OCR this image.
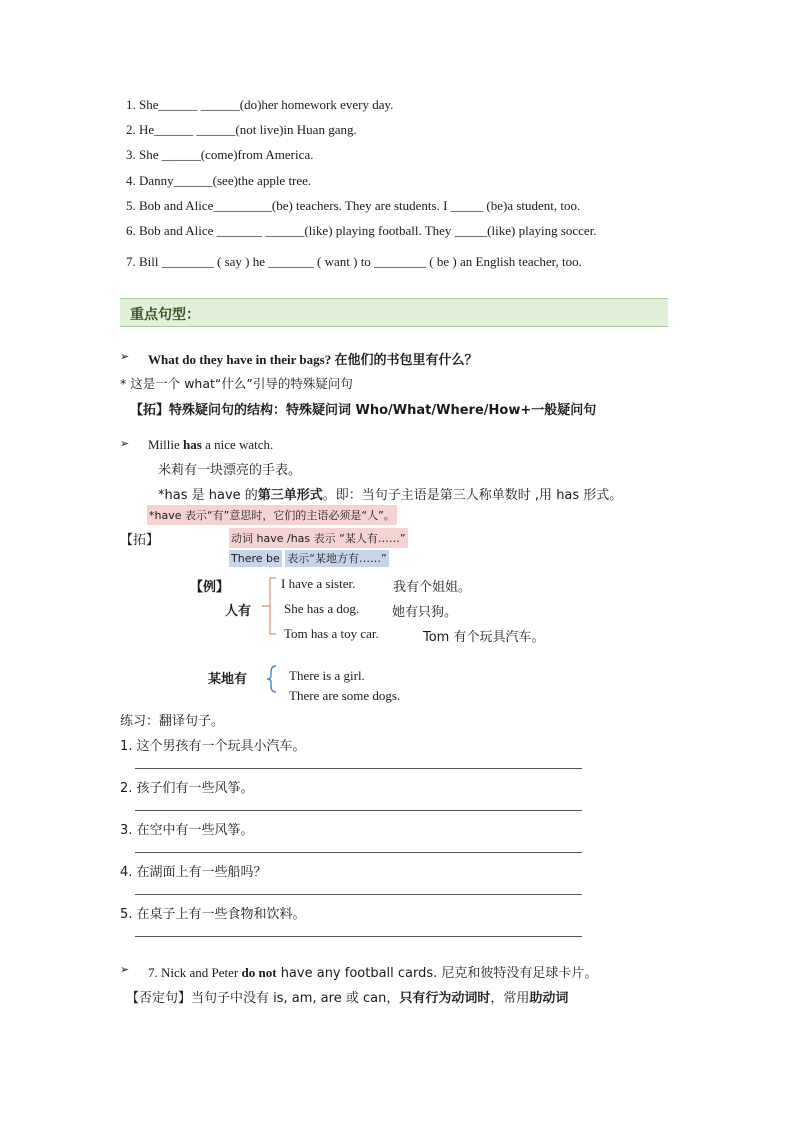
1. She______ ______(do)her homework every day.
2. He______ ______(not live)in Huan gang.
3. She ______(come)from America.
4. Danny______(see)the apple tree.
5. Bob and Alice_________(be) teachers. They are students. I _____ (be)a student, too.
6. Bob and Alice _______ ______(like) playing football. They _____(like) playing soccer.
7. Bill ________ ( say ) he _______ ( want ) to ________ ( be ) an English teacher, too.
重点句型：
➢ What do they have in their bags? 在他们的书包里有什么？
* 这是一个 what“什么”引导的特殊疑问句
【拓】特殊疑问句的结构：特殊疑问词 Who/What/Where/How+一般疑问句
➢ Millie has a nice watch.
米莉有一块漂亮的手表。
*has 是 have 的第三单形式。即：当句子主语是第三人称单数时 ,用 has 形式。
*have 表示“有”意思时，它们的主语必须是“人”。
【拓】	动词 have /has 表示 “某人有……”
There be 表示“某地方有……”
【例】
人有
I have a sister.	我有个姐姐。
She has a dog.	她有只狗。
Tom has a toy car.	Tom 有个玩具汽车。
某地有	There is a girl.
There are some dogs.
练习：翻译句子。
1. 这个男孩有一个玩具小汽车。
2. 孩子们有一些风筝。
3. 在空中有一些风筝。
4. 在湖面上有一些船吗？
5. 在桌子上有一些食物和饮料。
➢ 7. Nick and Peter do not have any football cards. 尼克和彼特没有足球卡片。
【否定句】当句子中没有 is, am, are 或 can，只有行为动词时，常用助动词
